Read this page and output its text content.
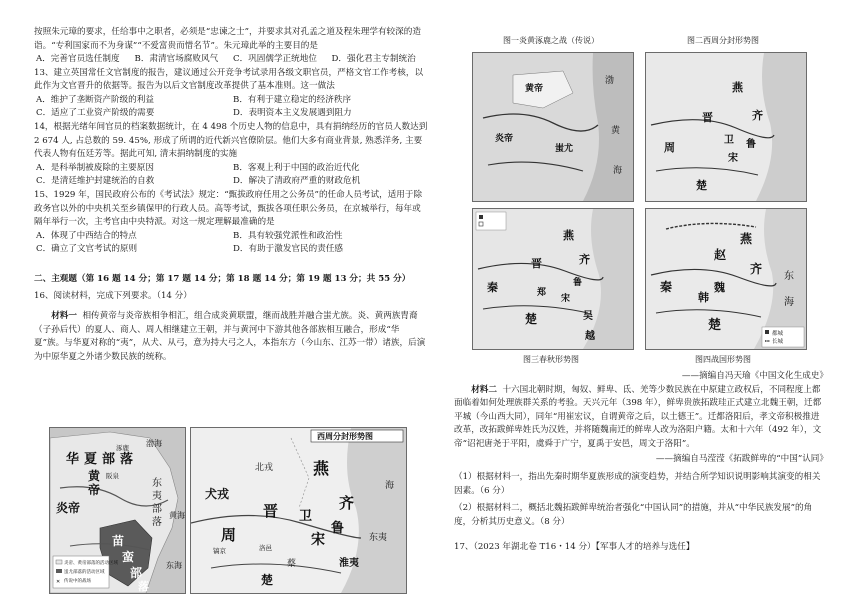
按照朱元璋的要求，任给事中之职者，必须是“忠谏之士”，并要求其对孔孟之道及程朱理学有较深的造诣。“专利国家而不为身谋”“不爱富贵而惜名节”。朱元璋此举的主要目的是

A．完善官员选任制度	B．肃清官场腐败风气	C．巩固儒学正统地位	D．强化君主专制统治

13、建立英国常任文官制度的报告，建议通过公开竞争考试录用各级文职官员，严格文官工作考核，以此作为文官晋升的依据等。报告为以后文官制度改革提供了基本准则。这一做法

A．维护了垄断资产阶级的利益	B．有利于建立稳定的经济秩序
C．适应了工业资产阶级的需要	D．表明资本主义发展遇到阻力

14，根据光绪年间官员的档案数据统计，在 4 498 个历史人物的信息中，具有捐纳经历的官员人数达到 2 674 人, 占总数的 59. 45%, 形成了所谓的近代新兴官僚阶层。他们大多有商业背景, 熟悉洋务, 主要代表人物有伍廷芳等。据此可知, 清末捐纳制度的实施

A．是科举制被废除的主要原因	B．客观上利于中国的政治近代化
C．是清廷维护封建统治的自救	D．解决了清政府严重的财政危机

15、1929 年，国民政府公布的《考试法》规定：“甄拔政府任用之公务员”的任命人员考试，适用于除政务官以外的中央机关至乡镇保甲的行政人员。高等考试，甄拔各项任职公务员，在京城举行，每年或隔年举行一次，主考官由中央特派。对这一规定理解最准确的是

A．体现了中西结合的特点	B．具有较强党派性和政治性
C．确立了文官考试的原则	D．有助于激发官民的责任感

二、主观题（第 16 题 14 分；第 17 题 14 分；第 18 题 14 分；第 19 题 13 分；共 55 分）

16、阅读材料，完成下列要求。（14 分）

材料一 相传黄帝与炎帝族相争相汇，组合成炎黄联盟，继而战胜并融合蚩尤族。炎、黄两族胄裔（子孙后代）的夏人、商人、周人相继建立王朝，并与黄河中下游其他各部族相互融合，形成“华夏”族。与华夏对称的“夷”，从犬、从弓，意为持大弓之人，本指东方（今山东、江苏一带）诸族，后演为中原华夏之外诸少数民族的统称。

华 夏 部 落
黄
帝
炎帝
苗
蛮
部
落
东
夷
部
落
渤海
黄海
东海
涿鹿
阪泉
炎帝、黄帝部落的活动区域
蚩尤部落的活动区域
✕ 传说中的战场
西周分封形势图
燕
晋 卫
齐
鲁
宋
周
镐京	洛邑
犬戎
北戎
东夷
淮夷
蔡
楚
海
图一炎黄涿鹿之战（传说）	图二西周分封形势图
黄帝
炎帝
蚩尤
渤
黄
海
燕
晋
周
卫
齐
鲁
宋
楚
晋	齐
秦
楚	吴
越
燕
鲁
宋
郑
燕
赵
魏
韩
齐
秦
楚
东
海
都城
长城
图三春秋形势图	图四战国形势图

——摘编自冯天瑜《中国文化生成史》

材料二 十六国北朝时期，匈奴、鲜卑、氐、羌等少数民族在中原建立政权后，不同程度上都面临着如何处理族群关系的考验。天兴元年（398 年），鲜卑贵族拓跋珪正式建立北魏王朝，迁都平城（今山西大同），同年“用崔宏议，自谓黄帝之后，以土德王”。迁都洛阳后，孝文帝积极推进改革，改拓跋鲜卑姓氏为汉姓，并将随魏南迁的鲜卑人改为洛阳户籍。太和十六年（492 年），文帝“诏祀唐尧于平阳，虞舜于广宁，夏禹于安邑，周文于洛阳”。

——摘编自马滢滢《拓跋鲜卑的“中国”认同》

（1）根据材料一，指出先秦时期华夏族形成的演变趋势，并结合所学知识说明影响其演变的相关因素。（6 分）

（2）根据材料二，概括北魏拓跋鲜卑统治者强化“中国认同”的措施，并从“中华民族发展”的角度，分析其历史意义。（8 分）

17、（2023 年湖北卷 T16・14 分）【军事人才的培养与选任】
